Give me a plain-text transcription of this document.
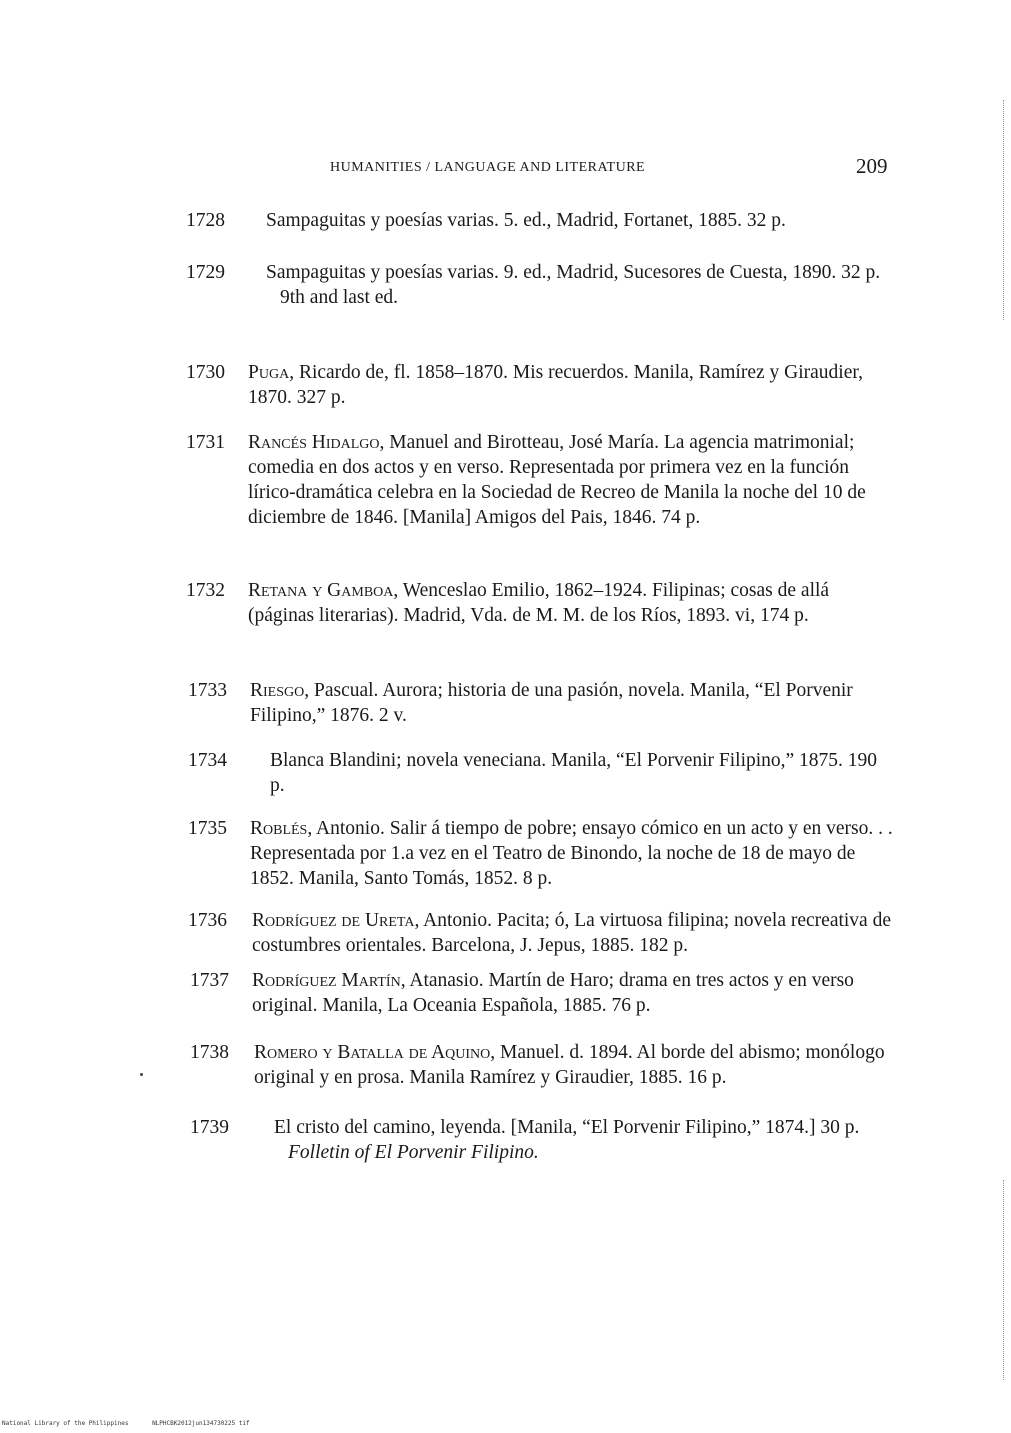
HUMANITIES / LANGUAGE AND LITERATURE	209
1728 Sampaguitas y poesías varias. 5. ed., Madrid, Fortanet, 1885. 32 p.
1729 Sampaguitas y poesías varias. 9. ed., Madrid, Sucesores de Cuesta, 1890. 32 p.
9th and last ed.
1730 Puga, Ricardo de, fl. 1858–1870. Mis recuerdos. Manila, Ramírez y Giraudier, 1870. 327 p.
1731 Rancés Hidalgo, Manuel and Birotteau, José María. La agencia matrimonial; comedia en dos actos y en verso. Representada por primera vez en la función lírico-dramática celebra en la Sociedad de Recreo de Manila la noche del 10 de diciembre de 1846. [Manila] Amigos del Pais, 1846. 74 p.
1732 Retana y Gamboa, Wenceslao Emilio, 1862–1924. Filipinas; cosas de allá (páginas literarias). Madrid, Vda. de M. M. de los Ríos, 1893. vi, 174 p.
1733 Riesgo, Pascual. Aurora; historia de una pasión, novela. Manila, “El Porvenir Filipino,” 1876. 2 v.
1734 Blanca Blandini; novela veneciana. Manila, “El Porvenir Filipino,” 1875. 190 p.
1735 Roblés, Antonio. Salir á tiempo de pobre; ensayo cómico en un acto y en verso. . . Representada por 1.a vez en el Teatro de Binondo, la noche de 18 de mayo de 1852. Manila, Santo Tomás, 1852. 8 p.
1736 Rodríguez de Ureta, Antonio. Pacita; ó, La virtuosa filipina; novela recreativa de costumbres orientales. Barcelona, J. Jepus, 1885. 182 p.
1737 Rodríguez Martín, Atanasio. Martín de Haro; drama en tres actos y en verso original. Manila, La Oceania Española, 1885. 76 p.
1738 Romero y Batalla de Aquino, Manuel. d. 1894. Al borde del abismo; monólogo original y en prosa. Manila Ramírez y Giraudier, 1885. 16 p.
1739 El cristo del camino, leyenda. [Manila, “El Porvenir Filipino,” 1874.] 30 p.
Folletin of El Porvenir Filipino.
National Library of the Philippines	NLPHCBK2012jun134730225 tif
